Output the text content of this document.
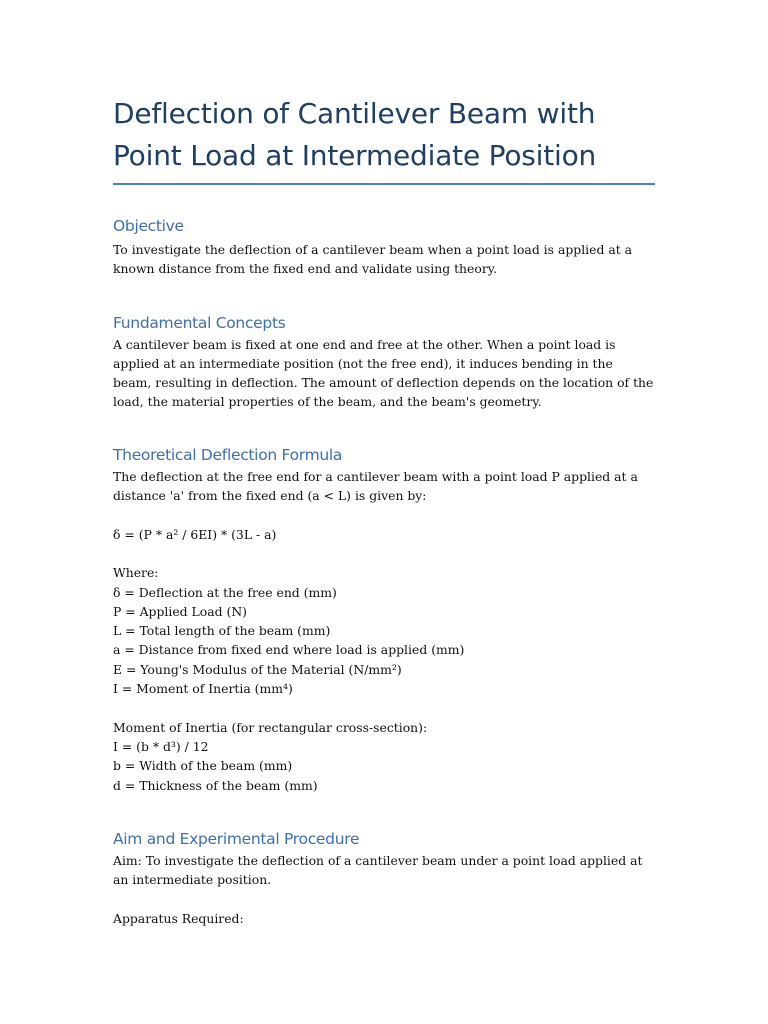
Deflection of Cantilever Beam with
Point Load at Intermediate Position
Objective

To investigate the deflection of a cantilever beam when a point load is applied at a known distance from the fixed end and validate using theory.

Fundamental Concepts

A cantilever beam is fixed at one end and free at the other. When a point load is applied at an intermediate position (not the free end), it induces bending in the beam, resulting in deflection. The amount of deflection depends on the location of the load, the material properties of the beam, and the beam's geometry.

Theoretical Deflection Formula

The deflection at the free end for a cantilever beam with a point load P applied at a distance 'a' from the fixed end (a < L) is given by:

δ = (P * a² / 6EI) * (3L - a)
Where:
δ = Deflection at the free end (mm)
P = Applied Load (N)
L = Total length of the beam (mm)
a = Distance from fixed end where load is applied (mm)
E = Young's Modulus of the Material (N/mm²)
I = Moment of Inertia (mm⁴)
Moment of Inertia (for rectangular cross-section):
I = (b * d³) / 12
b = Width of the beam (mm)
d = Thickness of the beam (mm)
Aim and Experimental Procedure

Aim: To investigate the deflection of a cantilever beam under a point load applied at an intermediate position.

Apparatus Required:
